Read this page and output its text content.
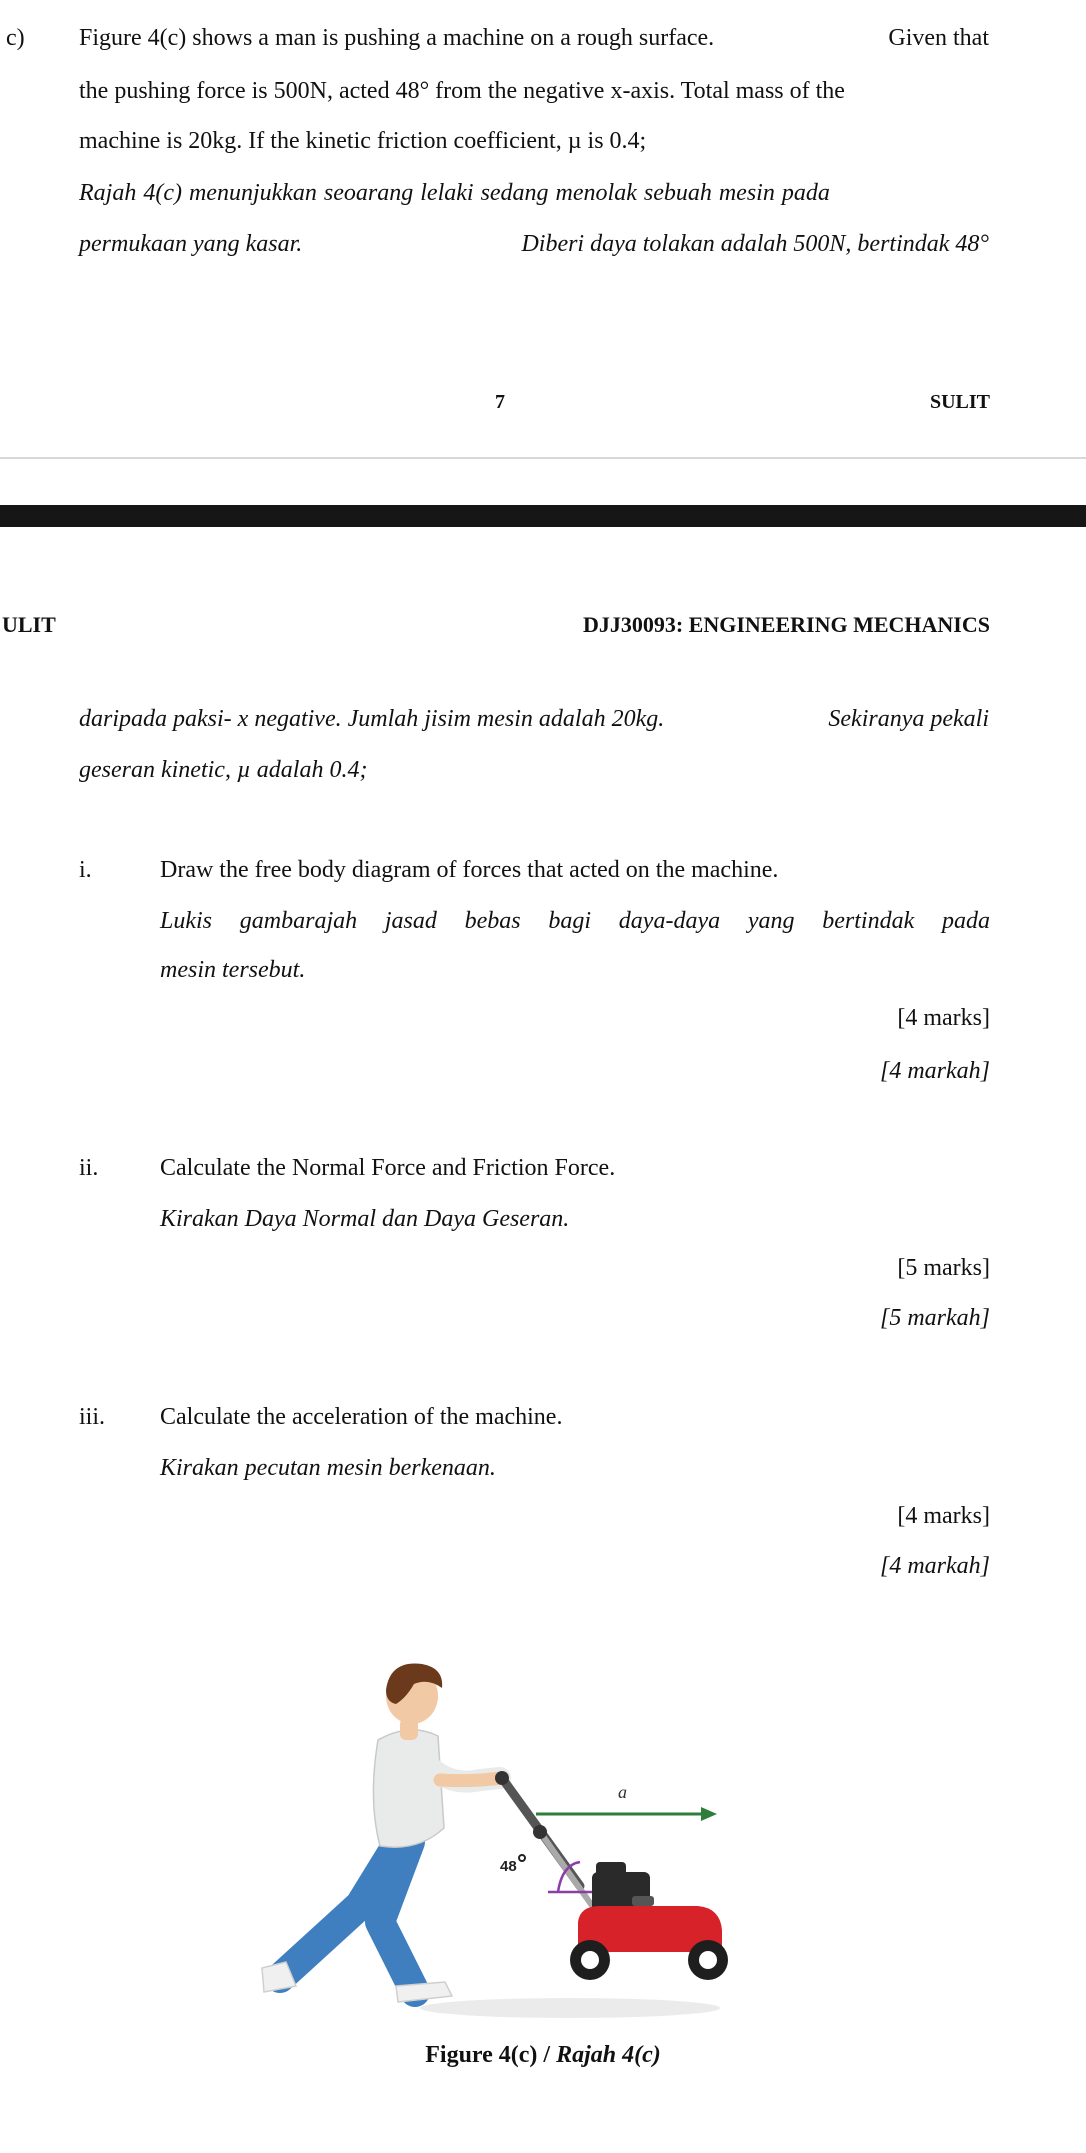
c) Figure 4(c) shows a man is pushing a machine on a rough surface.	Given that
the pushing force is 500N, acted 48° from the negative x-axis. Total mass of the
machine is 20kg. If the kinetic friction coefficient, µ is 0.4;
Rajah 4(c) menunjukkan seoarang lelaki sedang menolak sebuah mesin pada
permukaan yang kasar.	Diberi daya tolakan adalah 500N, bertindak 48°
7	SULIT
ULIT	DJJ30093: ENGINEERING MECHANICS
daripada paksi- x negative. Jumlah jisim mesin adalah 20kg.	Sekiranya pekali
geseran kinetic, µ adalah 0.4;
i.	Draw the free body diagram of forces that acted on the machine.
Lukis gambarajah jasad bebas bagi daya-daya yang bertindak pada
mesin tersebut.
[4 marks]
[4 markah]
ii.	Calculate the Normal Force and Friction Force.
Kirakan Daya Normal dan Daya Geseran.
[5 marks]
[5 markah]
iii. Calculate the acceleration of the machine.
Kirakan pecutan mesin berkenaan.
[4 marks]
[4 markah]
a
48
Figure 4(c) / Rajah 4(c)
